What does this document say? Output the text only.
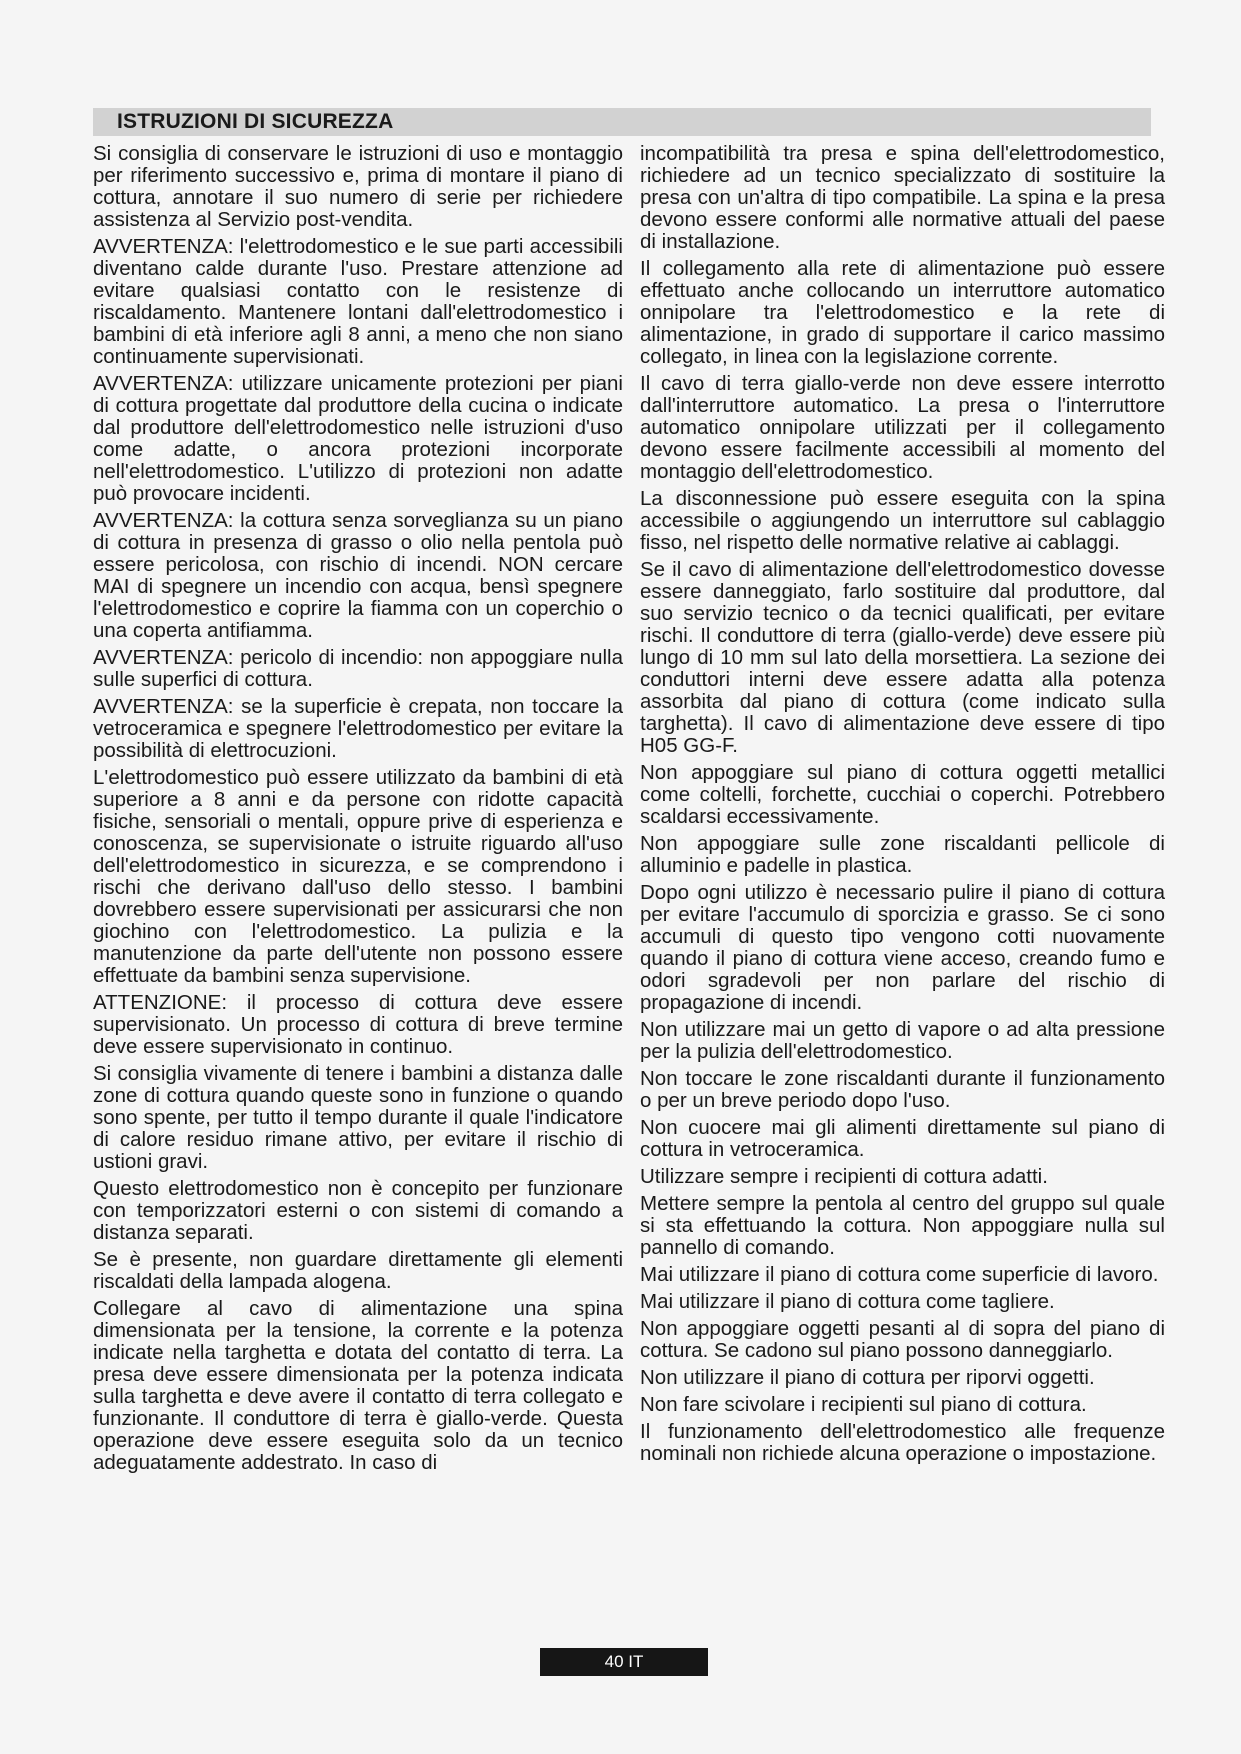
ISTRUZIONI DI SICUREZZA

Si consiglia di conservare le istruzioni di uso e montaggio per riferimento successivo e, prima di montare il piano di cottura, annotare il suo numero di serie per richiedere assistenza al Servizio post-vendita.

AVVERTENZA: l'elettrodomestico e le sue parti accessibili diventano calde durante l'uso. Prestare attenzione ad evitare qualsiasi contatto con le resistenze di riscaldamento. Mantenere lontani dall'elettrodomestico i bambini di età inferiore agli 8 anni, a meno che non siano continuamente supervisionati.

AVVERTENZA: utilizzare unicamente protezioni per piani di cottura progettate dal produttore della cucina o indicate dal produttore dell'elettrodomestico nelle istruzioni d'uso come adatte, o ancora protezioni incorporate nell'elettrodomestico. L'utilizzo di protezioni non adatte può provocare incidenti.

AVVERTENZA: la cottura senza sorveglianza su un piano di cottura in presenza di grasso o olio nella pentola può essere pericolosa, con rischio di incendi. NON cercare MAI di spegnere un incendio con acqua, bensì spegnere l'elettrodomestico e coprire la fiamma con un coperchio o una coperta antifiamma.

AVVERTENZA: pericolo di incendio: non appoggiare nulla sulle superfici di cottura.

AVVERTENZA: se la superficie è crepata, non toccare la vetroceramica e spegnere l'elettrodomestico per evitare la possibilità di elettrocuzioni.

L'elettrodomestico può essere utilizzato da bambini di età superiore a 8 anni e da persone con ridotte capacità fisiche, sensoriali o mentali, oppure prive di esperienza e conoscenza, se supervisionate o istruite riguardo all'uso dell'elettrodomestico in sicurezza, e se comprendono i rischi che derivano dall'uso dello stesso. I bambini dovrebbero essere supervisionati per assicurarsi che non giochino con l'elettrodomestico. La pulizia e la manutenzione da parte dell'utente non possono essere effettuate da bambini senza supervisione.

ATTENZIONE: il processo di cottura deve essere supervisionato. Un processo di cottura di breve termine deve essere supervisionato in continuo.

Si consiglia vivamente di tenere i bambini a distanza dalle zone di cottura quando queste sono in funzione o quando sono spente, per tutto il tempo durante il quale l'indicatore di calore residuo rimane attivo, per evitare il rischio di ustioni gravi.

Questo elettrodomestico non è concepito per funzionare con temporizzatori esterni o con sistemi di comando a distanza separati.

Se è presente, non guardare direttamente gli elementi riscaldati della lampada alogena.

Collegare al cavo di alimentazione una spina dimensionata per la tensione, la corrente e la potenza indicate nella targhetta e dotata del contatto di terra. La presa deve essere dimensionata per la potenza indicata sulla targhetta e deve avere il contatto di terra collegato e funzionante. Il conduttore di terra è giallo-verde. Questa operazione deve essere eseguita solo da un tecnico adeguatamente addestrato. In caso di

incompatibilità tra presa e spina dell'elettrodomestico, richiedere ad un tecnico specializzato di sostituire la presa con un'altra di tipo compatibile. La spina e la presa devono essere conformi alle normative attuali del paese di installazione.

Il collegamento alla rete di alimentazione può essere effettuato anche collocando un interruttore automatico onnipolare tra l'elettrodomestico e la rete di alimentazione, in grado di supportare il carico massimo collegato, in linea con la legislazione corrente.

Il cavo di terra giallo-verde non deve essere interrotto dall'interruttore automatico. La presa o l'interruttore automatico onnipolare utilizzati per il collegamento devono essere facilmente accessibili al momento del montaggio dell'elettrodomestico.

La disconnessione può essere eseguita con la spina accessibile o aggiungendo un interruttore sul cablaggio fisso, nel rispetto delle normative relative ai cablaggi.

Se il cavo di alimentazione dell'elettrodomestico dovesse essere danneggiato, farlo sostituire dal produttore, dal suo servizio tecnico o da tecnici qualificati, per evitare rischi. Il conduttore di terra (giallo-verde) deve essere più lungo di 10 mm sul lato della morsettiera. La sezione dei conduttori interni deve essere adatta alla potenza assorbita dal piano di cottura (come indicato sulla targhetta). Il cavo di alimentazione deve essere di tipo H05 GG-F.

Non appoggiare sul piano di cottura oggetti metallici come coltelli, forchette, cucchiai o coperchi. Potrebbero scaldarsi eccessivamente.

Non appoggiare sulle zone riscaldanti pellicole di alluminio e padelle in plastica.

Dopo ogni utilizzo è necessario pulire il piano di cottura per evitare l'accumulo di sporcizia e grasso. Se ci sono accumuli di questo tipo vengono cotti nuovamente quando il piano di cottura viene acceso, creando fumo e odori sgradevoli per non parlare del rischio di propagazione di incendi.

Non utilizzare mai un getto di vapore o ad alta pressione per la pulizia dell'elettrodomestico.

Non toccare le zone riscaldanti durante il funzionamento o per un breve periodo dopo l'uso.

Non cuocere mai gli alimenti direttamente sul piano di cottura in vetroceramica.

Utilizzare sempre i recipienti di cottura adatti.

Mettere sempre la pentola al centro del gruppo sul quale si sta effettuando la cottura. Non appoggiare nulla sul pannello di comando.

Mai utilizzare il piano di cottura come superficie di lavoro.

Mai utilizzare il piano di cottura come tagliere.

Non appoggiare oggetti pesanti al di sopra del piano di cottura. Se cadono sul piano possono danneggiarlo.

Non utilizzare il piano di cottura per riporvi oggetti.

Non fare scivolare i recipienti sul piano di cottura.

Il funzionamento dell'elettrodomestico alle frequenze nominali non richiede alcuna operazione o impostazione.

40 IT
